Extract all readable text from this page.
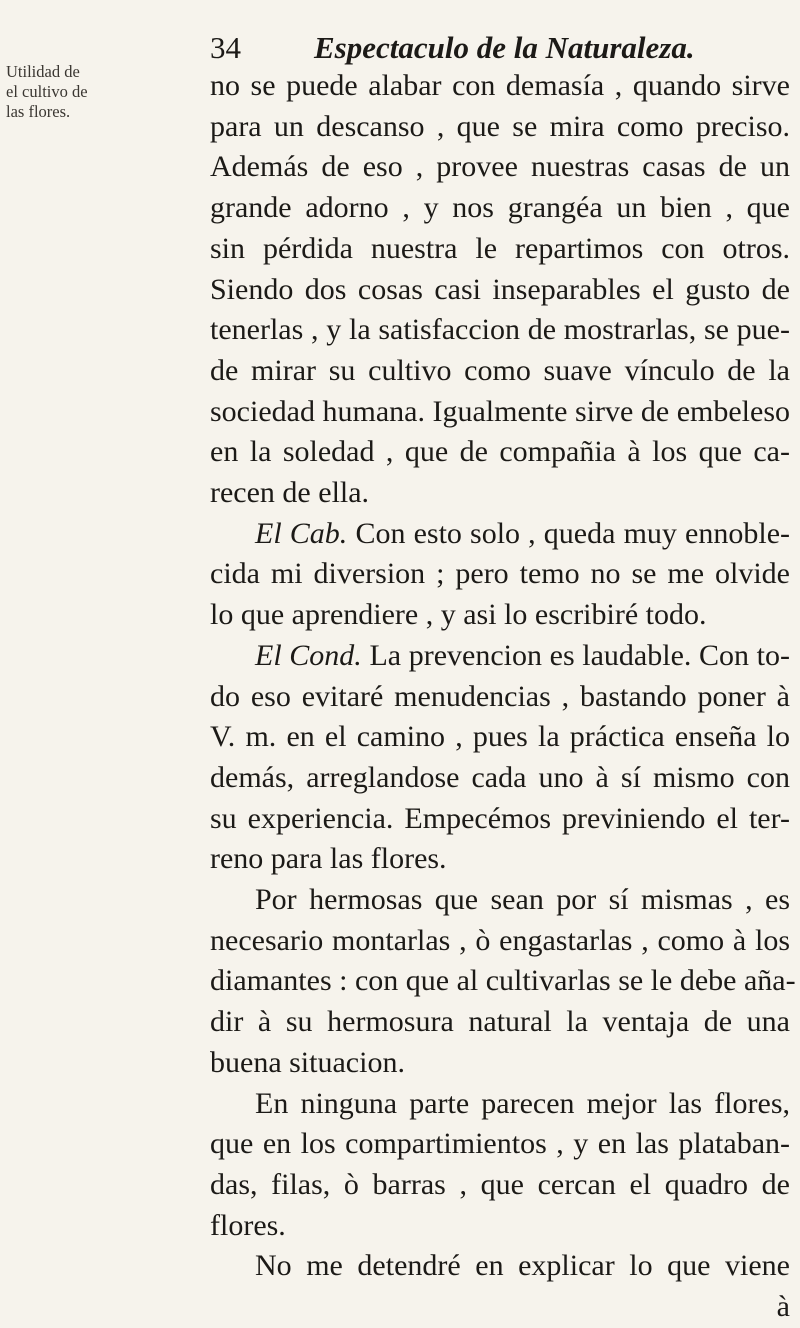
Utilidad de
el cultivo de
las flores.
34 Espectaculo de la Naturaleza.
no se puede alabar con demasía , quando sirve
para un descanso , que se mira como preciso.
Además de eso , provee nuestras casas de un
grande adorno , y nos grangéa un bien , que
sin pérdida nuestra le repartimos con otros.
Siendo dos cosas casi inseparables el gusto de
tenerlas , y la satisfaccion de mostrarlas, se pue-
de mirar su cultivo como suave vínculo de la
sociedad humana. Igualmente sirve de embeleso
en la soledad , que de compañia à los que ca-
recen de ella.
El Cab. Con esto solo , queda muy ennoble-
cida mi diversion ; pero temo no se me olvide
lo que aprendiere , y asi lo escribiré todo.
El Cond. La prevencion es laudable. Con to-
do eso evitaré menudencias , bastando poner à
V. m. en el camino , pues la práctica enseña lo
demás, arreglandose cada uno à sí mismo con
su experiencia. Empecémos previniendo el ter-
reno para las flores.
Por hermosas que sean por sí mismas , es
necesario montarlas , ò engastarlas , como à los
diamantes : con que al cultivarlas se le debe aña-
dir à su hermosura natural la ventaja de una
buena situacion.
En ninguna parte parecen mejor las flores,
que en los compartimientos , y en las plataban-
das, filas, ò barras , que cercan el quadro de
flores.
No me detendré en explicar lo que viene
à
